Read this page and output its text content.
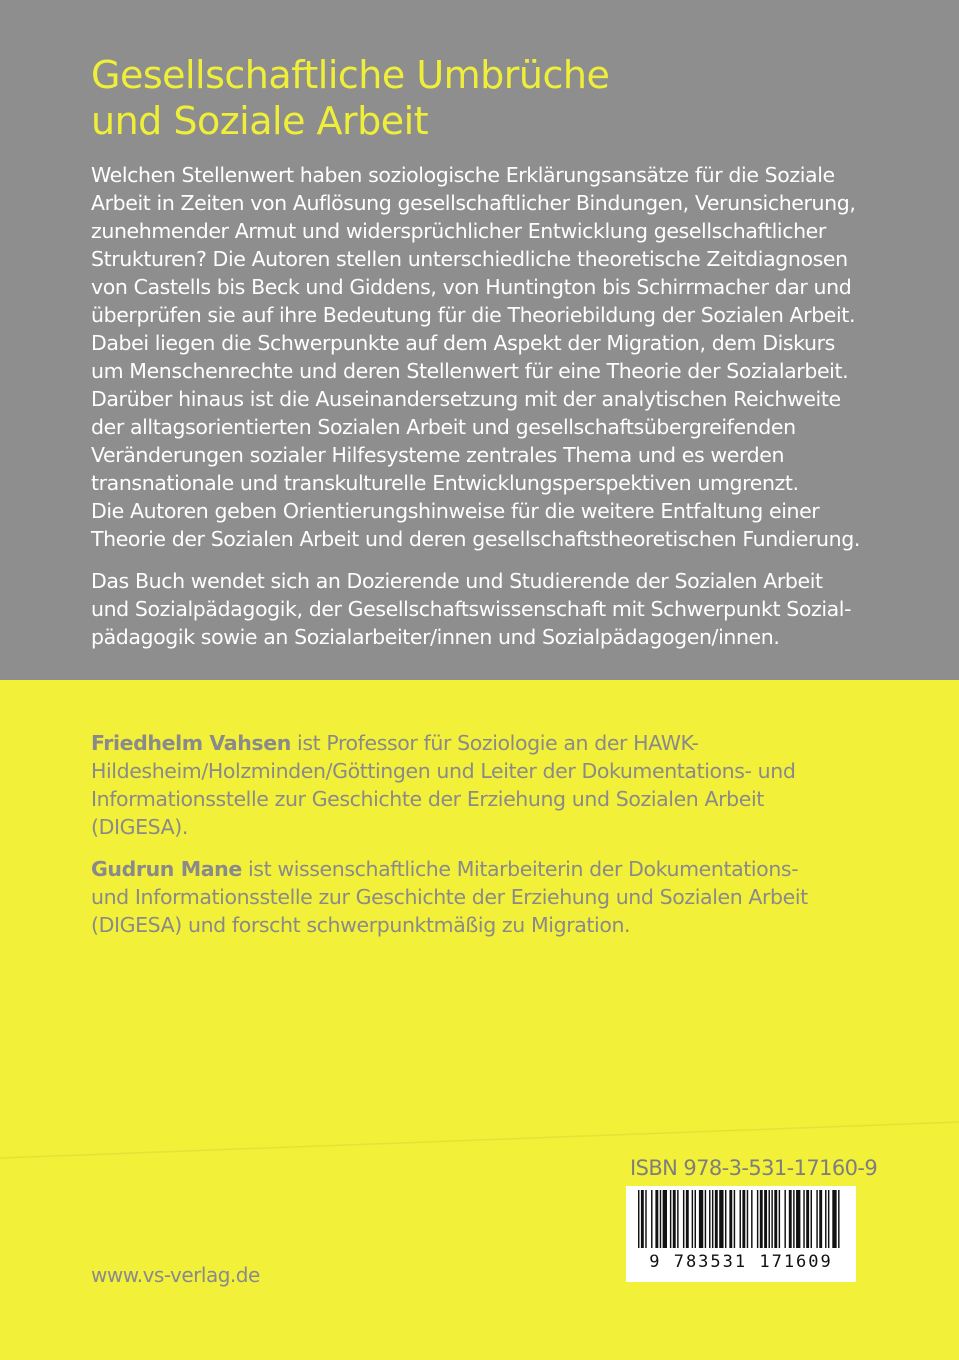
Gesellschaftliche Umbrüche
und Soziale Arbeit
Welchen Stellenwert haben soziologische Erklärungsansätze für die Soziale
Arbeit in Zeiten von Auflösung gesellschaftlicher Bindungen, Verunsicherung,
zunehmender Armut und widersprüchlicher Entwicklung gesellschaftlicher
Strukturen? Die Autoren stellen unterschiedliche theoretische Zeitdiagnosen
von Castells bis Beck und Giddens, von Huntington bis Schirrmacher dar und
überprüfen sie auf ihre Bedeutung für die Theoriebildung der Sozialen Arbeit.
Dabei liegen die Schwerpunkte auf dem Aspekt der Migration, dem Diskurs
um Menschenrechte und deren Stellenwert für eine Theorie der Sozialarbeit.
Darüber hinaus ist die Auseinandersetzung mit der analytischen Reichweite
der alltagsorientierten Sozialen Arbeit und gesellschaftsübergreifenden
Veränderungen sozialer Hilfesysteme zentrales Thema und es werden
transnationale und transkulturelle Entwicklungsperspektiven umgrenzt.
Die Autoren geben Orientierungshinweise für die weitere Entfaltung einer
Theorie der Sozialen Arbeit und deren gesellschaftstheoretischen Fundierung.
Das Buch wendet sich an Dozierende und Studierende der Sozialen Arbeit
und Sozialpädagogik, der Gesellschaftswissenschaft mit Schwerpunkt Sozial-
pädagogik sowie an Sozialarbeiter/innen und Sozialpädagogen/innen.
Friedhelm Vahsen ist Professor für Soziologie an der HAWK-
Hildesheim/Holzminden/Göttingen und Leiter der Dokumentations- und
Informationsstelle zur Geschichte der Erziehung und Sozialen Arbeit
(DIGESA).
Gudrun Mane ist wissenschaftliche Mitarbeiterin der Dokumentations-
und Informationsstelle zur Geschichte der Erziehung und Sozialen Arbeit
(DIGESA) und forscht schwerpunktmäßig zu Migration.
ISBN 978-3-531-17160-9
9 783531 171609
www.vs-verlag.de
